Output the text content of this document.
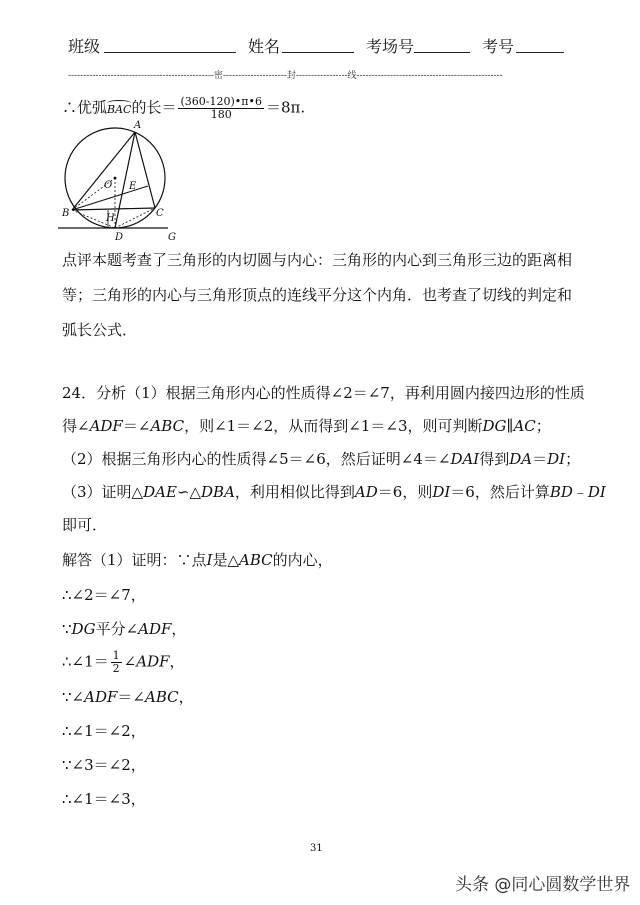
班级	姓名	考场号	考号
------------------------------------------------密---------------------封-----------------线------------------------------------------------
∴优弧BAC的长＝ $\frac{(360-120)•\pi•6}{180} =8\pi$.
A
O E
B	H	C
D	G
点评本题考查了三角形的内切圆与内心：三角形的内心到三角形三边的距离相
等；三角形的内心与三角形顶点的连线平分这个内角．也考查了切线的判定和
弧长公式．
24．分析（1）根据三角形内心的性质得∠2＝∠7，再利用圆内接四边形的性质
得∠ADF＝∠ABC，则∠1＝∠2，从而得到∠1＝∠3，则可判断DG∥AC；
（2）根据三角形内心的性质得∠5＝∠6，然后证明∠4＝∠DAI得到DA＝DI；
（3）证明△DAE∽△DBA，利用相似比得到AD＝6，则DI＝6，然后计算BD﹣DI
即可．
解答（1）证明：∵点I是△ABC的内心，
∴∠2＝∠7，
∵DG平分∠ADF，
∴∠1＝ $\frac{1}{2}$ ∠ADF，
∵∠ADF＝∠ABC，
∴∠1＝∠2，
∵∠3＝∠2，
∴∠1＝∠3，
31
头条 @同心圆数学世界
